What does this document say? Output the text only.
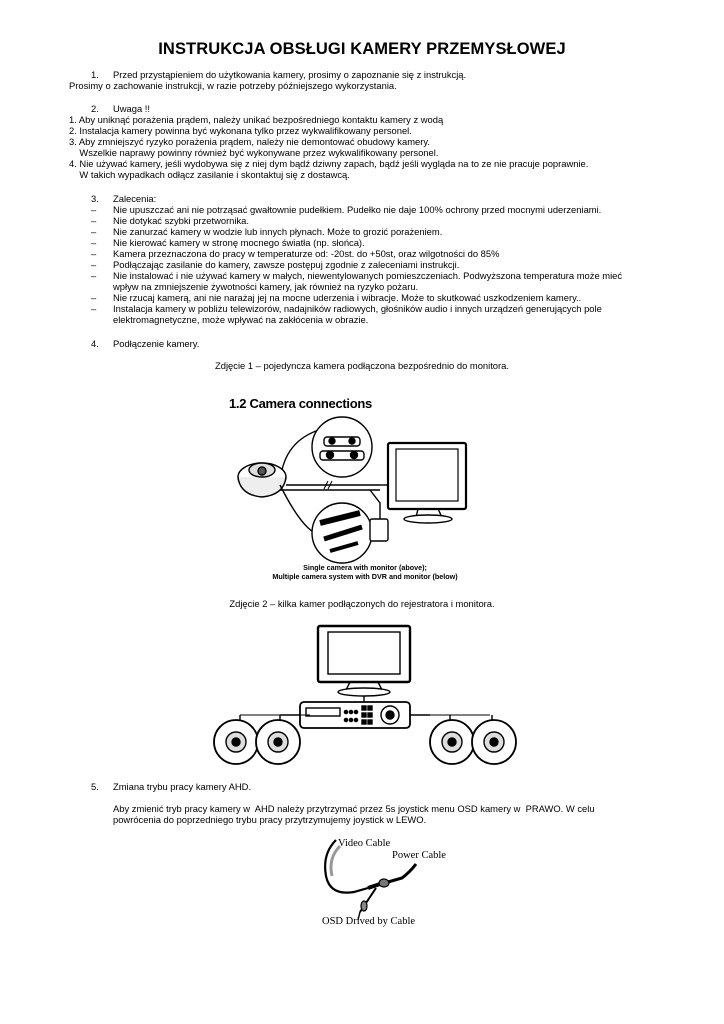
INSTRUKCJA OBSŁUGI KAMERY PRZEMYSŁOWEJ
1. Przed przystąpieniem do użytkowania kamery, prosimy o zapoznanie się z instrukcją.
Prosimy o zachowanie instrukcji, w razie potrzeby późniejszego wykorzystania.
2. Uwaga !!
1. Aby uniknąć porażenia prądem, należy unikać bezpośredniego kontaktu kamery z wodą
2. Instalacja kamery powinna być wykonana tylko przez wykwalifikowany personel.
3. Aby zmniejszyć ryzyko porażenia prądem, należy nie demontować obudowy kamery.
Wszelkie naprawy powinny również być wykonywane przez wykwalifikowany personel.
4. Nie używać kamery, jeśli wydobywa się z niej dym bądź dziwny zapach, bądź jeśli wygląda na to ze nie pracuje poprawnie.
W takich wypadkach odłącz zasilanie i skontaktuj się z dostawcą.
3. Zalecenia:
– Nie upuszczać ani nie potrząsać gwałtownie pudełkiem. Pudełko nie daje 100% ochrony przed mocnymi uderzeniami.
– Nie dotykać szybki przetwornika.
– Nie zanurzać kamery w wodzie lub innych płynach. Może to grozić porażeniem.
– Nie kierować kamery w stronę mocnego światła (np. słońca).
– Kamera przeznaczona do pracy w temperaturze od: -20st. do +50st, oraz wilgotności do 85%
– Podłączając zasilanie do kamery, zawsze postępuj zgodnie z zaleceniami instrukcji.
– Nie instalować i nie używać kamery w małych, niewentylowanych pomieszczeniach. Podwyższona temperatura może mieć
wpływ na zmniejszenie żywotności kamery, jak również na ryzyko pożaru.
– Nie rzucaj kamerą, ani nie narażaj jej na mocne uderzenia i wibracje. Może to skutkować uszkodzeniem kamery..
– Instalacja kamery w pobliżu telewizorów, nadajników radiowych, głośników audio i innych urządzeń generujących pole
elektromagnetyczne, może wpływać na zakłócenia w obrazie.
4. Podłączenie kamery.
Zdjęcie 1 – pojedyncza kamera podłączona bezpośrednio do monitora.
1.2 Camera connections
Single camera with monitor (above);
Multiple camera system with DVR and monitor (below)
Zdjęcie 2 – kilka kamer podłączonych do rejestratora i monitora.
5. Zmiana trybu pracy kamery AHD.
Aby zmienić tryb pracy kamery w  AHD należy przytrzymać przez 5s joystick menu OSD kamery w  PRAWO. W celu
powrócenia do poprzedniego trybu pracy przytrzymujemy joystick w LEWO.
Video Cable
Power Cable
OSD Drived by Cable
